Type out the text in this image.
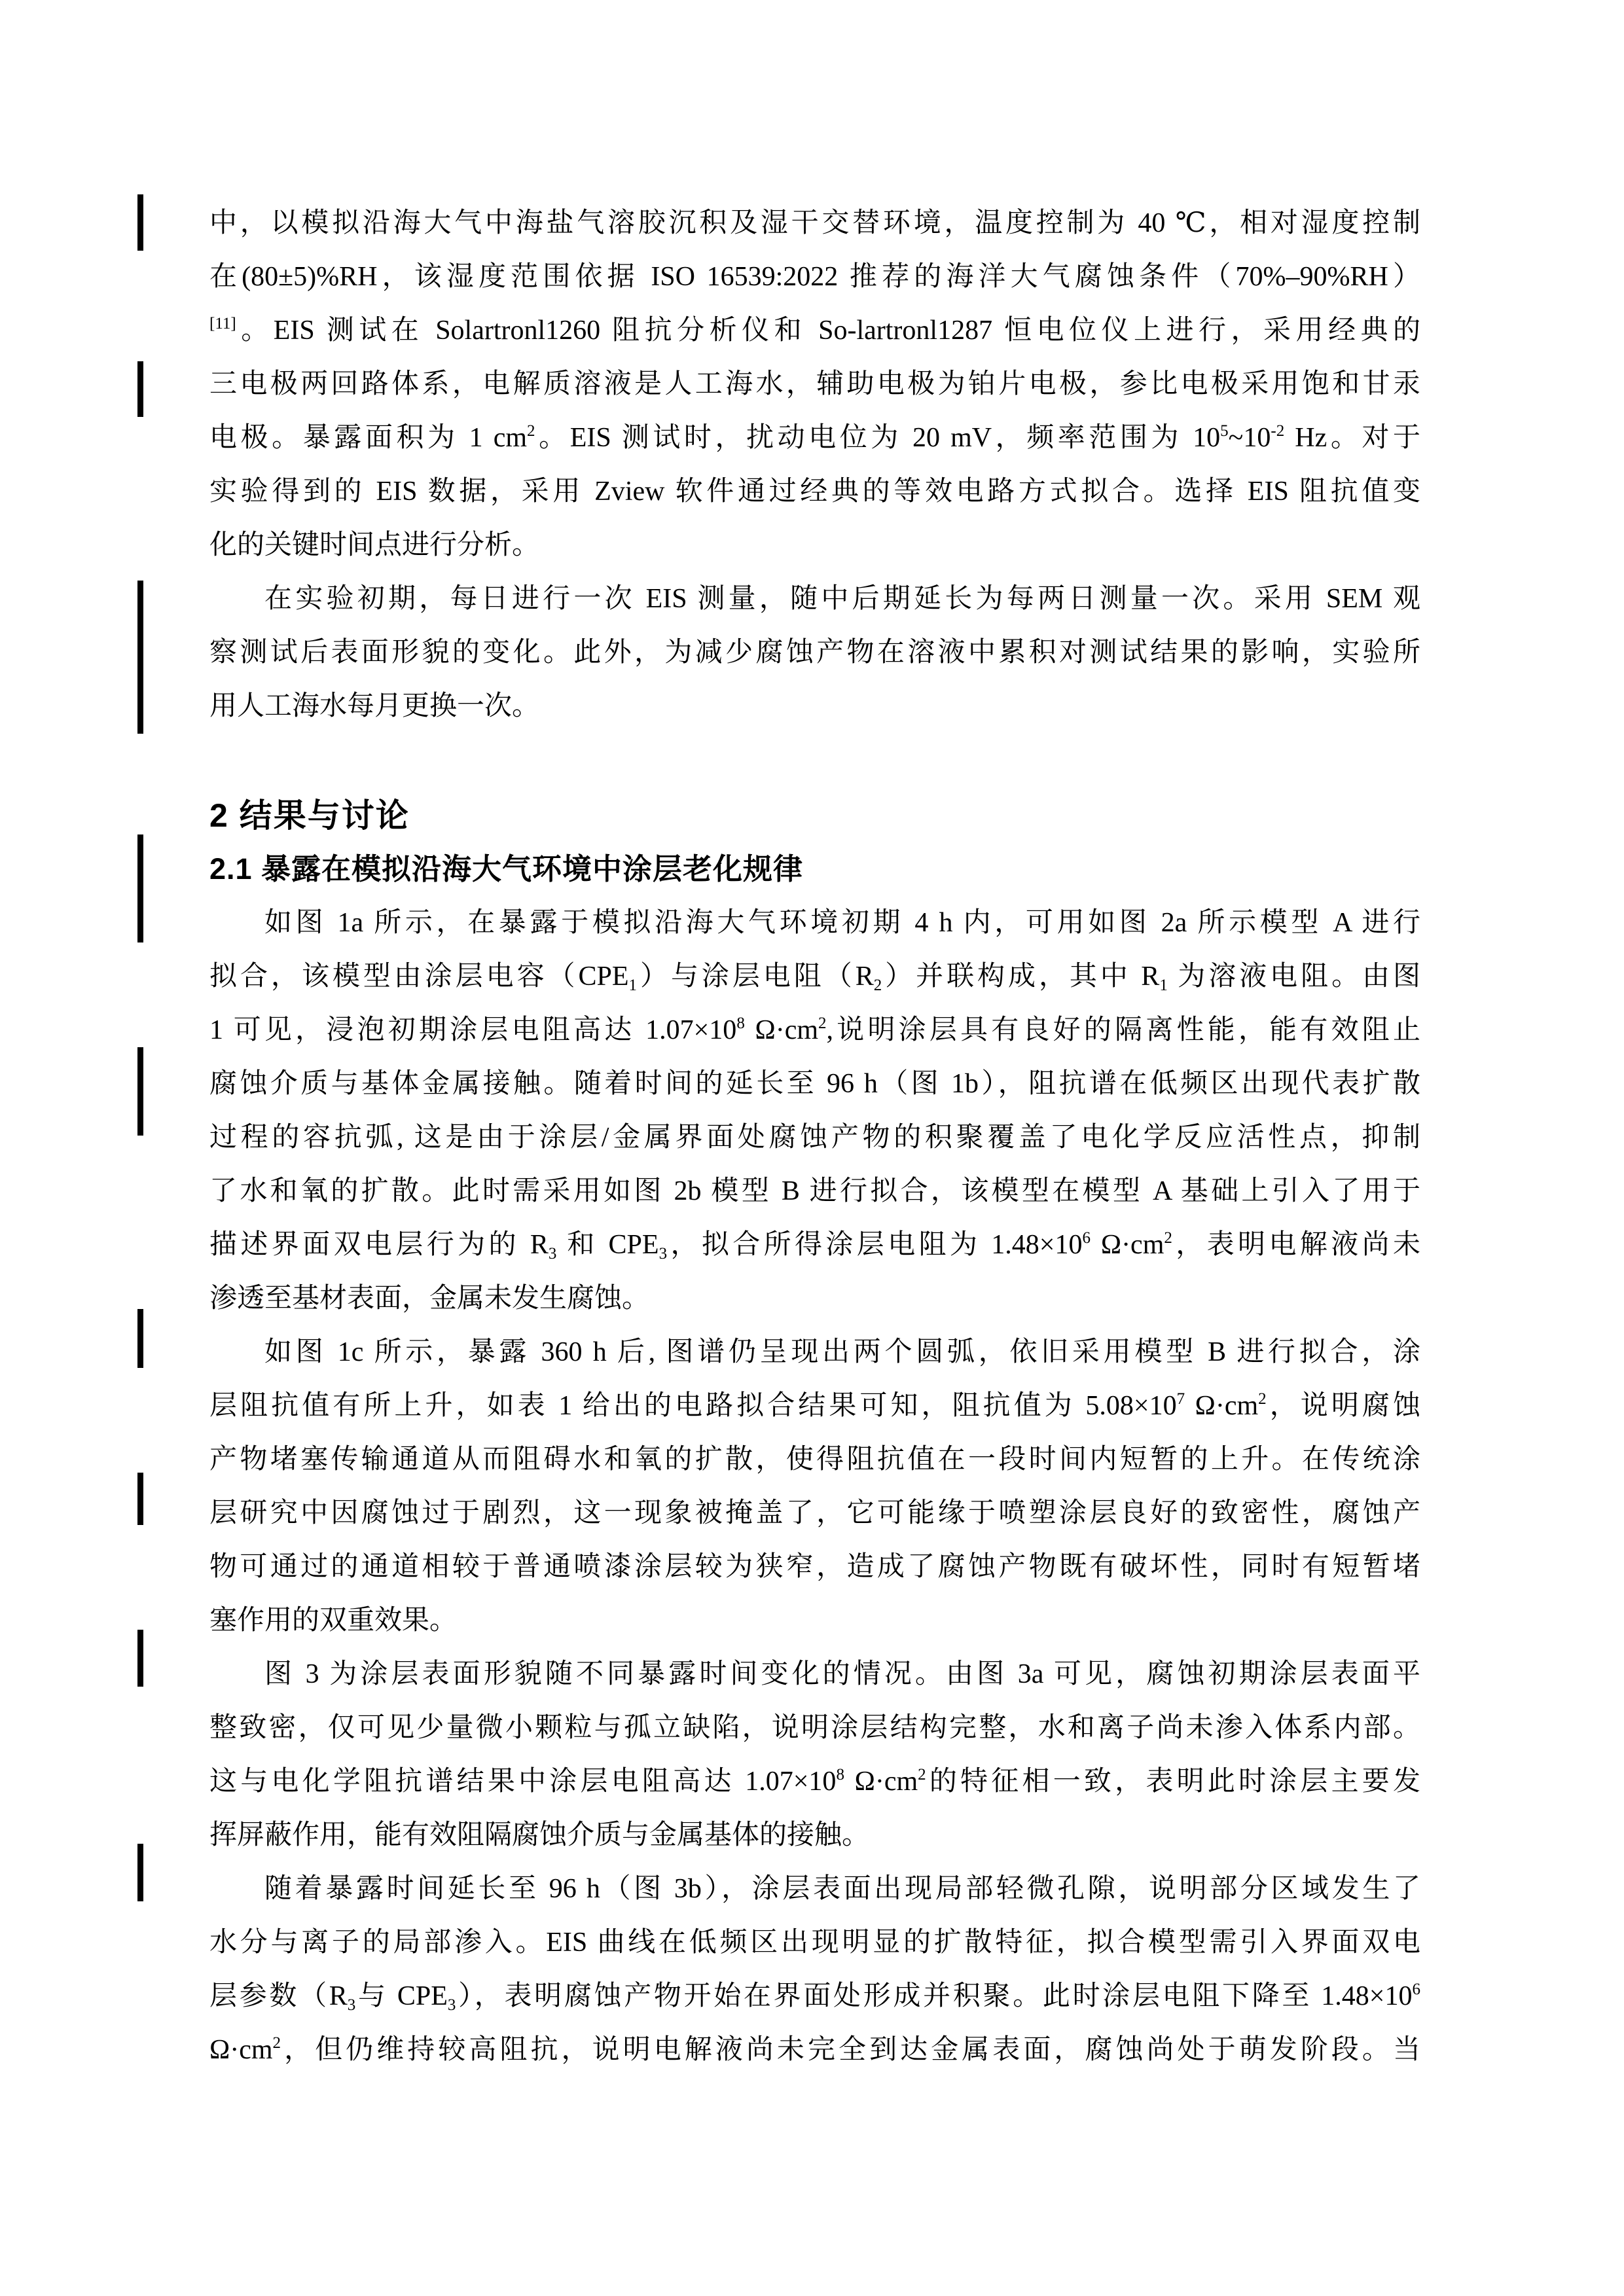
中，以模拟沿海大气中海盐气溶胶沉积及湿干交替环境，温度控制为 40 ℃，相对湿度控制
在(80±5)%RH，该湿度范围依据 ISO 16539:2022 推荐的海洋大气腐蚀条件（70%–90%RH）
[11]。EIS 测试在 Solartronl1260 阻抗分析仪和 So-lartronl1287 恒电位仪上进行，采用经典的
三电极两回路体系，电解质溶液是人工海水，辅助电极为铂片电极，参比电极采用饱和甘汞
电极。暴露面积为 1 $cm^2$。EIS 测试时，扰动电位为 20 mV，频率范围为 $10^5\sim 10^{-2}$ Hz。对于
实验得到的 EIS 数据，采用 Zview 软件通过经典的等效电路方式拟合。选择 EIS 阻抗值变
化的关键时间点进行分析。
在实验初期，每日进行一次 EIS 测量，随中后期延长为每两日测量一次。采用 SEM 观
察测试后表面形貌的变化。此外，为减少腐蚀产物在溶液中累积对测试结果的影响，实验所
用人工海水每月更换一次。
2 结果与讨论
2.1 暴露在模拟沿海大气环境中涂层老化规律
如图 1a 所示，在暴露于模拟沿海大气环境初期 4 h 内，可用如图 2a 所示模型 A 进行
拟合，该模型由涂层电容$(CPE_1)$与涂层电阻$(R_2)$并联构成，其中 $R_1$ 为溶液电阻。由图
1 可见，浸泡初期涂层电阻高达 $1.07\times 10^8$ $\Omega\cdot cm^2$,说明涂层具有良好的隔离性能，能有效阻止
腐蚀介质与基体金属接触。随着时间的延长至 96 h（图 1b），阻抗谱在低频区出现代表扩散
过程的容抗弧, 这是由于涂层/金属界面处腐蚀产物的积聚覆盖了电化学反应活性点，抑制
了水和氧的扩散。此时需采用如图 2b 模型 B 进行拟合，该模型在模型 A 基础上引入了用于
描述界面双电层行为的 $R_3$ 和 $CPE_3$，拟合所得涂层电阻为 $1.48\times 10^6$ $\Omega\cdot cm^2$，表明电解液尚未
渗透至基材表面，金属未发生腐蚀。
如图 1c 所示，暴露 360 h 后, 图谱仍呈现出两个圆弧，依旧采用模型 B 进行拟合，涂
层阻抗值有所上升，如表 1 给出的电路拟合结果可知，阻抗值为 $5.08\times 10^7$ $\Omega\cdot cm^2$，说明腐蚀
产物堵塞传输通道从而阻碍水和氧的扩散，使得阻抗值在一段时间内短暂的上升。在传统涂
层研究中因腐蚀过于剧烈，这一现象被掩盖了，它可能缘于喷塑涂层良好的致密性，腐蚀产
物可通过的通道相较于普通喷漆涂层较为狭窄，造成了腐蚀产物既有破坏性，同时有短暂堵
塞作用的双重效果。
图 3 为涂层表面形貌随不同暴露时间变化的情况。由图 3a 可见，腐蚀初期涂层表面平
整致密，仅可见少量微小颗粒与孤立缺陷，说明涂层结构完整，水和离子尚未渗入体系内部。
这与电化学阻抗谱结果中涂层电阻高达 $1.07\times 10^8$ $\Omega\cdot cm^2$的特征相一致，表明此时涂层主要发
挥屏蔽作用，能有效阻隔腐蚀介质与金属基体的接触。
随着暴露时间延长至 96 h（图 3b），涂层表面出现局部轻微孔隙，说明部分区域发生了
水分与离子的局部渗入。EIS 曲线在低频区出现明显的扩散特征，拟合模型需引入界面双电
层参数（$R_3$与 $CPE_3$），表明腐蚀产物开始在界面处形成并积聚。此时涂层电阻下降至 $1.48\times 10^6$
$\Omega\cdot cm^2$，但仍维持较高阻抗，说明电解液尚未完全到达金属表面，腐蚀尚处于萌发阶段。当
